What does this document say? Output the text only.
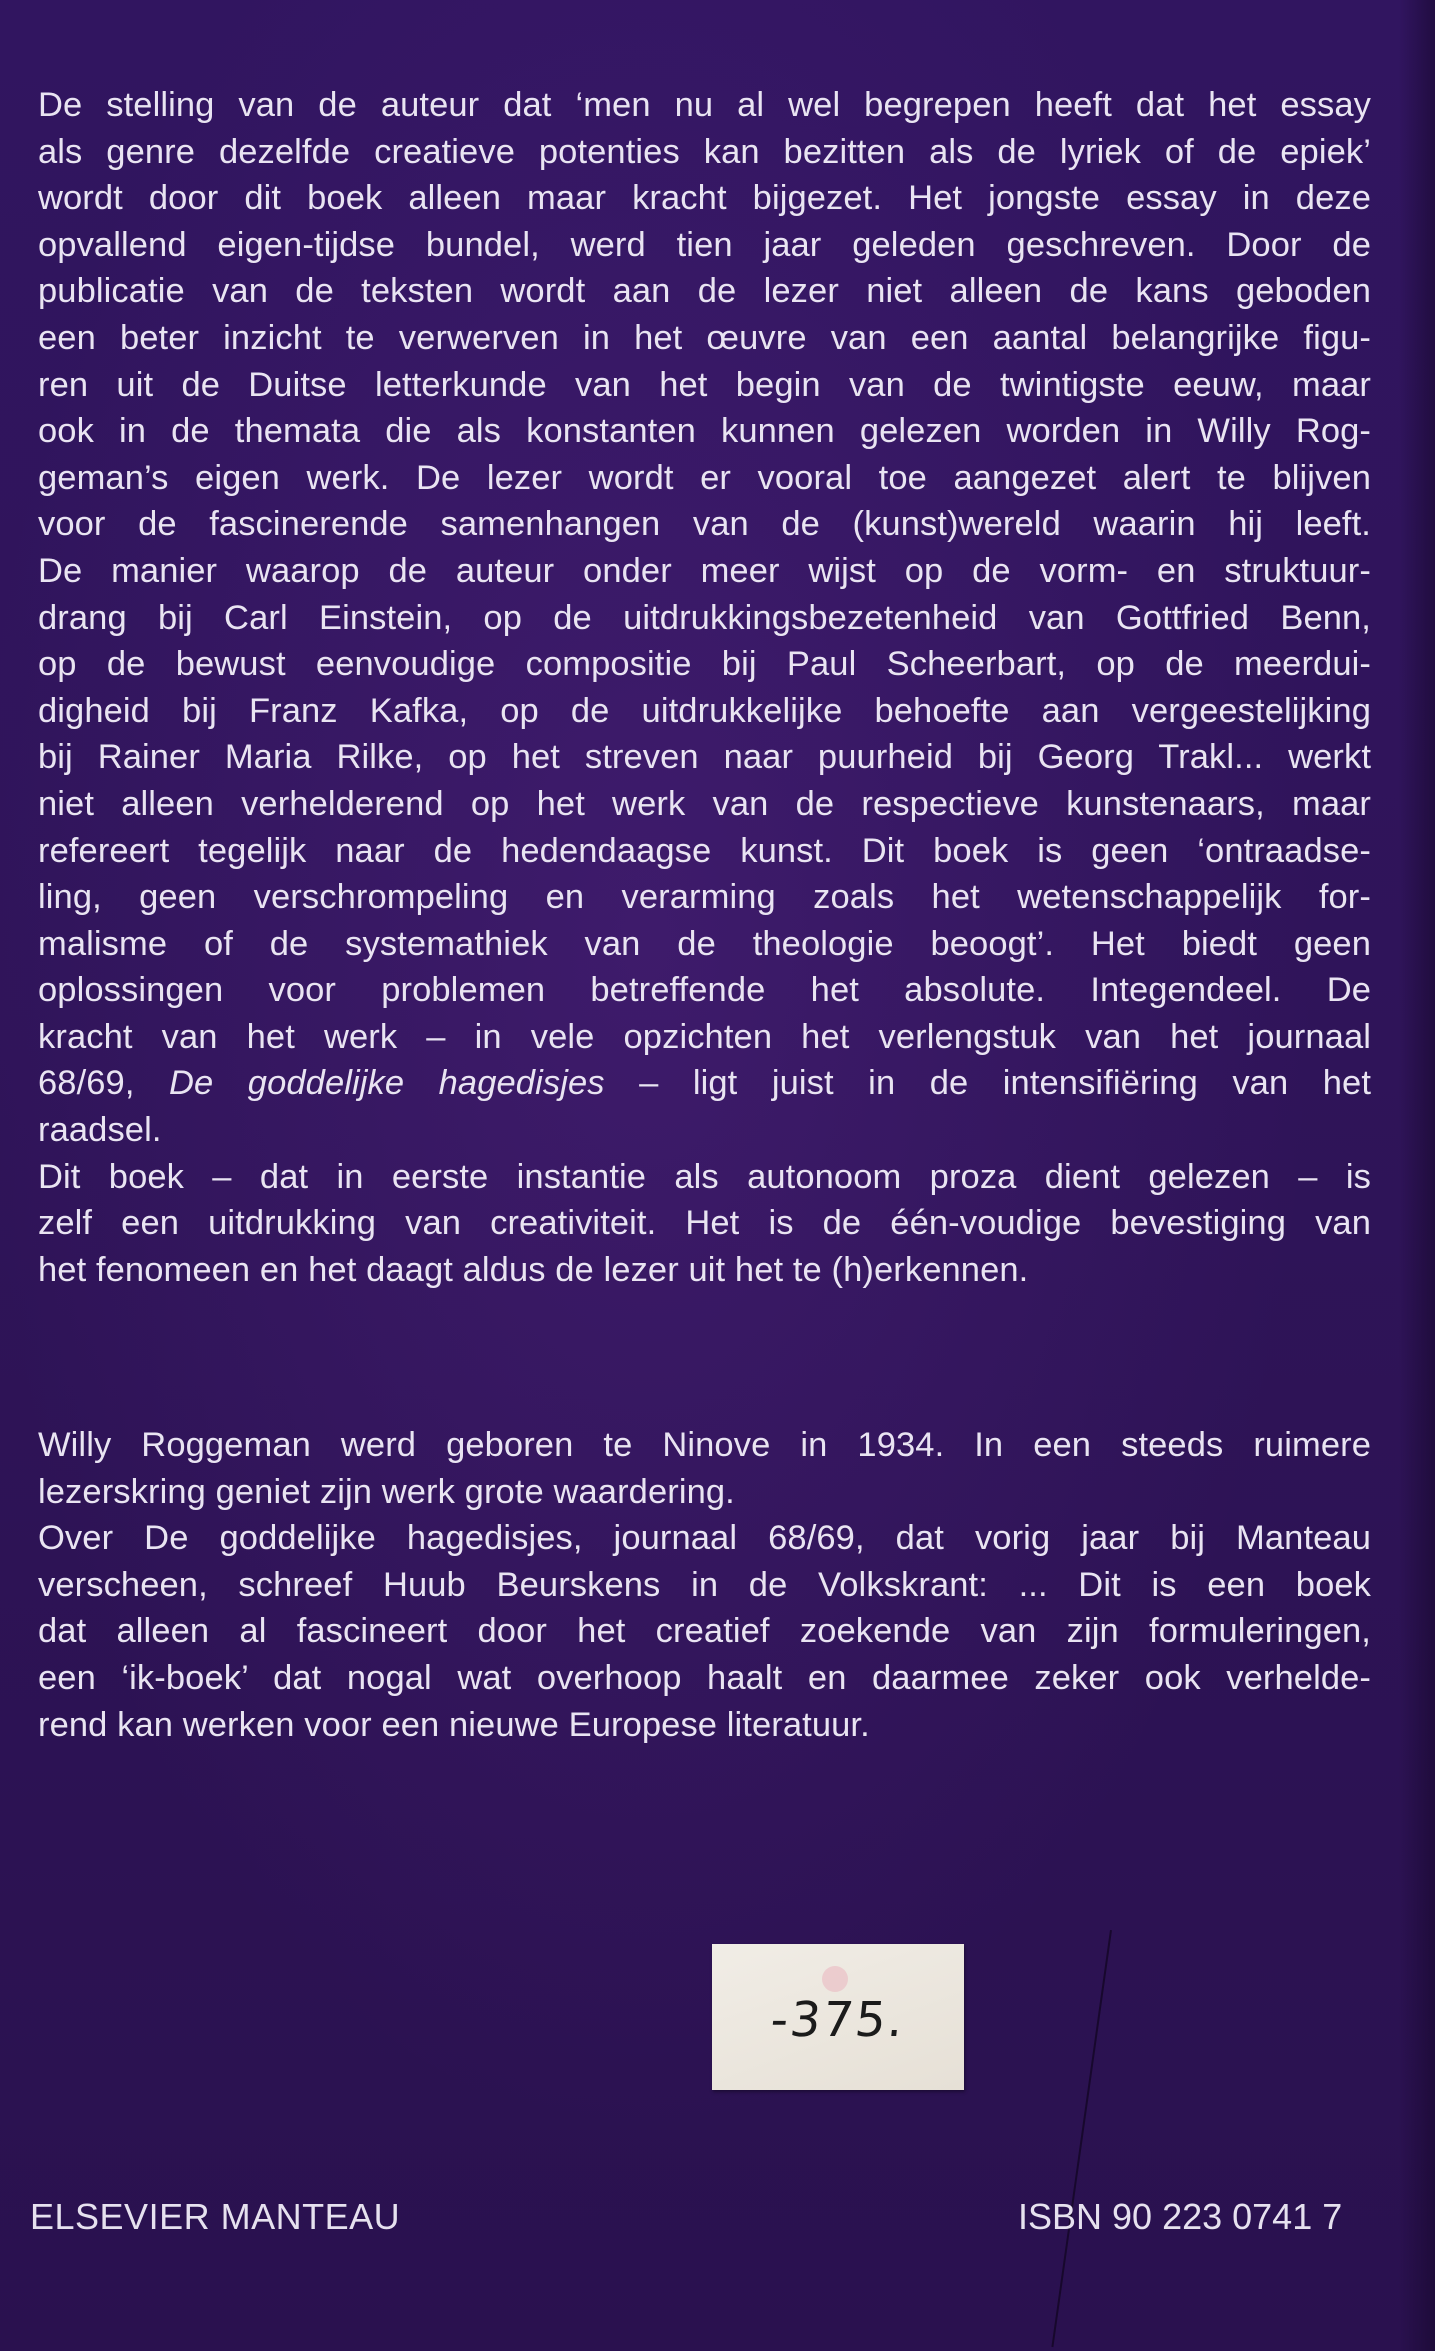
De stelling van de auteur dat ‘men nu al wel begrepen heeft dat het essay
als genre dezelfde creatieve potenties kan bezitten als de lyriek of de epiek’
wordt door dit boek alleen maar kracht bijgezet. Het jongste essay in deze
opvallend eigen-tijdse bundel, werd tien jaar geleden geschreven. Door de
publicatie van de teksten wordt aan de lezer niet alleen de kans geboden
een beter inzicht te verwerven in het œuvre van een aantal belangrijke figu-
ren uit de Duitse letterkunde van het begin van de twintigste eeuw, maar
ook in de themata die als konstanten kunnen gelezen worden in Willy Rog-
geman’s eigen werk. De lezer wordt er vooral toe aangezet alert te blijven
voor de fascinerende samenhangen van de (kunst)wereld waarin hij leeft.
De manier waarop de auteur onder meer wijst op de vorm- en struktuur-
drang bij Carl Einstein, op de uitdrukkingsbezetenheid van Gottfried Benn,
op de bewust eenvoudige compositie bij Paul Scheerbart, op de meerdui-
digheid bij Franz Kafka, op de uitdrukkelijke behoefte aan vergeestelijking
bij Rainer Maria Rilke, op het streven naar puurheid bij Georg Trakl... werkt
niet alleen verhelderend op het werk van de respectieve kunstenaars, maar
refereert tegelijk naar de hedendaagse kunst. Dit boek is geen ‘ontraadse-
ling, geen verschrompeling en verarming zoals het wetenschappelijk for-
malisme of de systemathiek van de theologie beoogt’. Het biedt geen
oplossingen voor problemen betreffende het absolute. Integendeel. De
kracht van het werk – in vele opzichten het verlengstuk van het journaal
68/69, De goddelijke hagedisjes – ligt juist in de intensifiëring van het
raadsel.
Dit boek – dat in eerste instantie als autonoom proza dient gelezen – is
zelf een uitdrukking van creativiteit. Het is de één-voudige bevestiging van
het fenomeen en het daagt aldus de lezer uit het te (h)erkennen.
Willy Roggeman werd geboren te Ninove in 1934. In een steeds ruimere
lezerskring geniet zijn werk grote waardering.
Over De goddelijke hagedisjes, journaal 68/69, dat vorig jaar bij Manteau
verscheen, schreef Huub Beurskens in de Volkskrant: ... Dit is een boek
dat alleen al fascineert door het creatief zoekende van zijn formuleringen,
een ‘ik-boek’ dat nogal wat overhoop haalt en daarmee zeker ook verhelde-
rend kan werken voor een nieuwe Europese literatuur.
-375.
ELSEVIER MANTEAU	ISBN 90 223 0741 7
